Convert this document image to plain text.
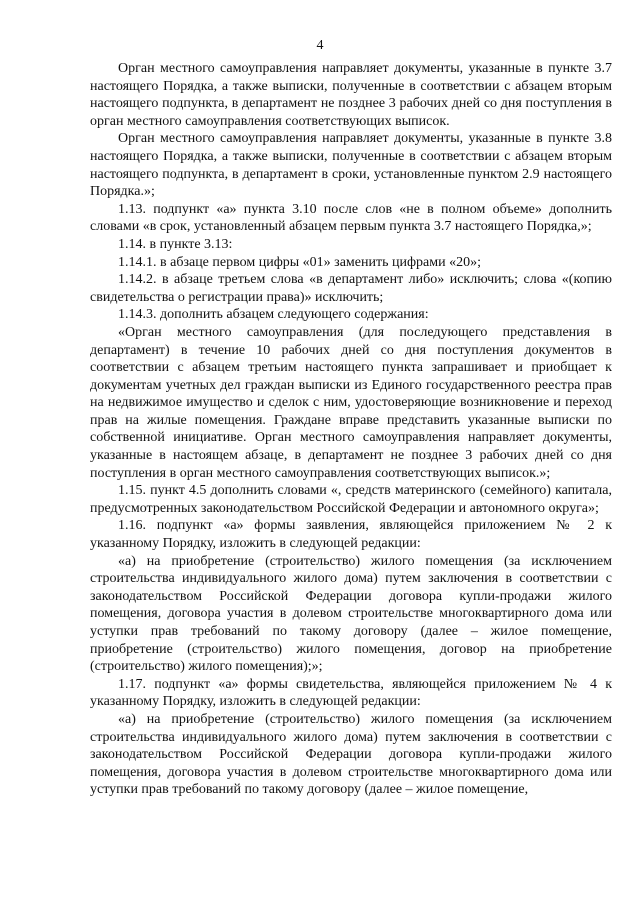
4

Орган местного самоуправления направляет документы, указанные в пункте 3.7 настоящего Порядка, а также выписки, полученные в соответствии с абзацем вторым настоящего подпункта, в департамент не позднее 3 рабочих дней со дня поступления в орган местного самоуправления соответствующих выписок.

Орган местного самоуправления направляет документы, указанные в пункте 3.8 настоящего Порядка, а также выписки, полученные в соответствии с абзацем вторым настоящего подпункта, в департамент в сроки, установленные пунктом 2.9 настоящего Порядка.»;

1.13. подпункт «а» пункта 3.10 после слов «не в полном объеме» дополнить словами «в срок, установленный абзацем первым пункта 3.7 настоящего Порядка,»;

1.14. в пункте 3.13:

1.14.1. в абзаце первом цифры «01» заменить цифрами «20»;

1.14.2. в абзаце третьем слова «в департамент либо» исключить; слова «(копию свидетельства о регистрации права)» исключить;

1.14.3. дополнить абзацем следующего содержания:

«Орган местного самоуправления (для последующего представления в департамент) в течение 10 рабочих дней со дня поступления документов в соответствии с абзацем третьим настоящего пункта запрашивает и приобщает к документам учетных дел граждан выписки из Единого государственного реестра прав на недвижимое имущество и сделок с ним, удостоверяющие возникновение и переход прав на жилые помещения. Граждане вправе представить указанные выписки по собственной инициативе. Орган местного самоуправления направляет документы, указанные в настоящем абзаце, в департамент не позднее 3 рабочих дней со дня поступления в орган местного самоуправления соответствующих выписок.»;

1.15. пункт 4.5 дополнить словами «, средств материнского (семейного) капитала, предусмотренных законодательством Российской Федерации и автономного округа»;

1.16. подпункт «а» формы заявления, являющейся приложением № 2 к указанному Порядку, изложить в следующей редакции:

«а) на приобретение (строительство) жилого помещения (за исключением строительства индивидуального жилого дома) путем заключения в соответствии с законодательством Российской Федерации договора купли-продажи жилого помещения, договора участия в долевом строительстве многоквартирного дома или уступки прав требований по такому договору (далее – жилое помещение, приобретение (строительство) жилого помещения, договор на приобретение (строительство) жилого помещения);»;

1.17. подпункт «а» формы свидетельства, являющейся приложением № 4 к указанному Порядку, изложить в следующей редакции:

«а) на приобретение (строительство) жилого помещения (за исключением строительства индивидуального жилого дома) путем заключения в соответствии с законодательством Российской Федерации договора купли-продажи жилого помещения, договора участия в долевом строительстве многоквартирного дома или уступки прав требований по такому договору (далее – жилое помещение,
